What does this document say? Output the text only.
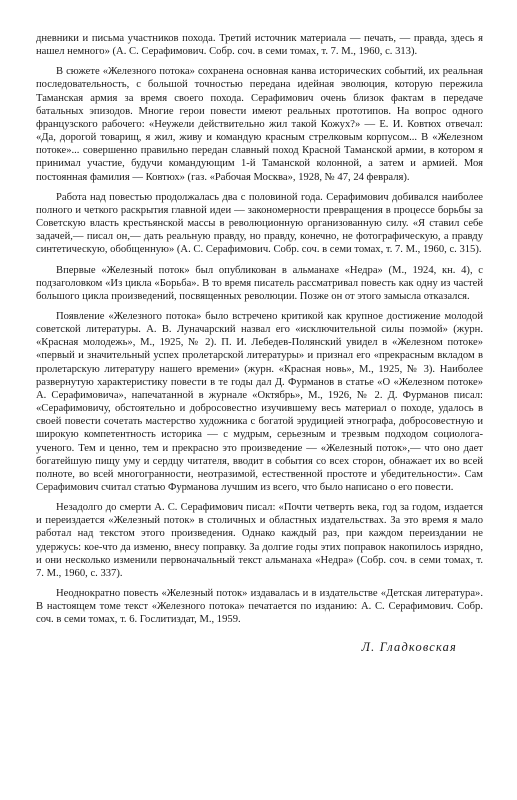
дневники и письма участников похода. Третий источник материала — печать, — правда, здесь я нашел немного» (А. С. Серафимович. Собр. соч. в семи томах, т. 7. М., 1960, с. 313).

В сюжете «Железного потока» сохранена основная канва исторических событий, их реальная последовательность, с большой точностью передана идейная эволюция, которую пережила Таманская армия за время своего похода. Серафимович очень близок фактам в передаче батальных эпизодов. Многие герои повести имеют реальных прототипов. На вопрос одного французского рабочего: «Неужели действительно жил такой Кожух?» — Е. И. Ковтюх отвечал: «Да, дорогой товарищ, я жил, живу и командую красным стрелковым корпусом... В «Железном потоке»... совершенно правильно передан славный поход Красной Таманской армии, в котором я принимал участие, будучи командующим 1-й Таманской колонной, а затем и армией. Моя постоянная фамилия — Ковтюх» (газ. «Рабочая Москва», 1928, № 47, 24 февраля).

Работа над повестью продолжалась два с половиной года. Серафимович добивался наиболее полного и четкого раскрытия главной идеи — закономерности превращения в процессе борьбы за Советскую власть крестьянской массы в революционную организованную силу. «Я ставил себе задачей,— писал он,— дать реальную правду, но правду, конечно, не фотографическую, а правду синтетическую, обобщенную» (А. С. Серафимович. Собр. соч. в семи томах, т. 7. М., 1960, с. 315).

Впервые «Железный поток» был опубликован в альманахе «Недра» (М., 1924, кн. 4), с подзаголовком «Из цикла «Борьба». В то время писатель рассматривал повесть как одну из частей большого цикла произведений, посвященных революции. Позже он от этого замысла отказался.

Появление «Железного потока» было встречено критикой как крупное достижение молодой советской литературы. А. В. Луначарский назвал его «исключительной силы поэмой» (журн. «Красная молодежь», М., 1925, № 2). П. И. Лебедев-Полянский увидел в «Железном потоке» «первый и значительный успех пролетарской литературы» и признал его «прекрасным вкладом в пролетарскую литературу нашего времени» (журн. «Красная новь», М., 1925, № 3). Наиболее развернутую характеристику повести в те годы дал Д. Фурманов в статье «О «Железном потоке» А. Серафимовича», напечатанной в журнале «Октябрь», М., 1926, № 2. Д. Фурманов писал: «Серафимовичу, обстоятельно и добросовестно изучившему весь материал о походе, удалось в своей повести сочетать мастерство художника с богатой эрудицией этнографа, добросовестную и широкую компетентность историка — с мудрым, серьезным и трезвым подходом социолога-ученого. Тем и ценно, тем и прекрасно это произведение — «Железный поток»,— что оно дает богатейшую пищу уму и сердцу читателя, вводит в события со всех сторон, обнажает их во всей полноте, во всей многогранности, неотразимой, естественной простоте и убедительности». Сам Серафимович считал статью Фурманова лучшим из всего, что было написано о его повести.

Незадолго до смерти А. С. Серафимович писал: «Почти четверть века, год за годом, издается и переиздается «Железный поток» в столичных и областных издательствах. За это время я мало работал над текстом этого произведения. Однако каждый раз, при каждом переиздании не удержусь: кое-что да изменю, внесу поправку. За долгие годы этих поправок накопилось изрядно, и они несколько изменили первоначальный текст альманаха «Недра» (Собр. соч. в семи томах, т. 7. М., 1960, с. 337).

Неоднократно повесть «Железный поток» издавалась и в издательстве «Детская литература». В настоящем томе текст «Железного потока» печатается по изданию: А. С. Серафимович. Собр. соч. в семи томах, т. 6. Гослитиздат, М., 1959.

Л. Гладковская
